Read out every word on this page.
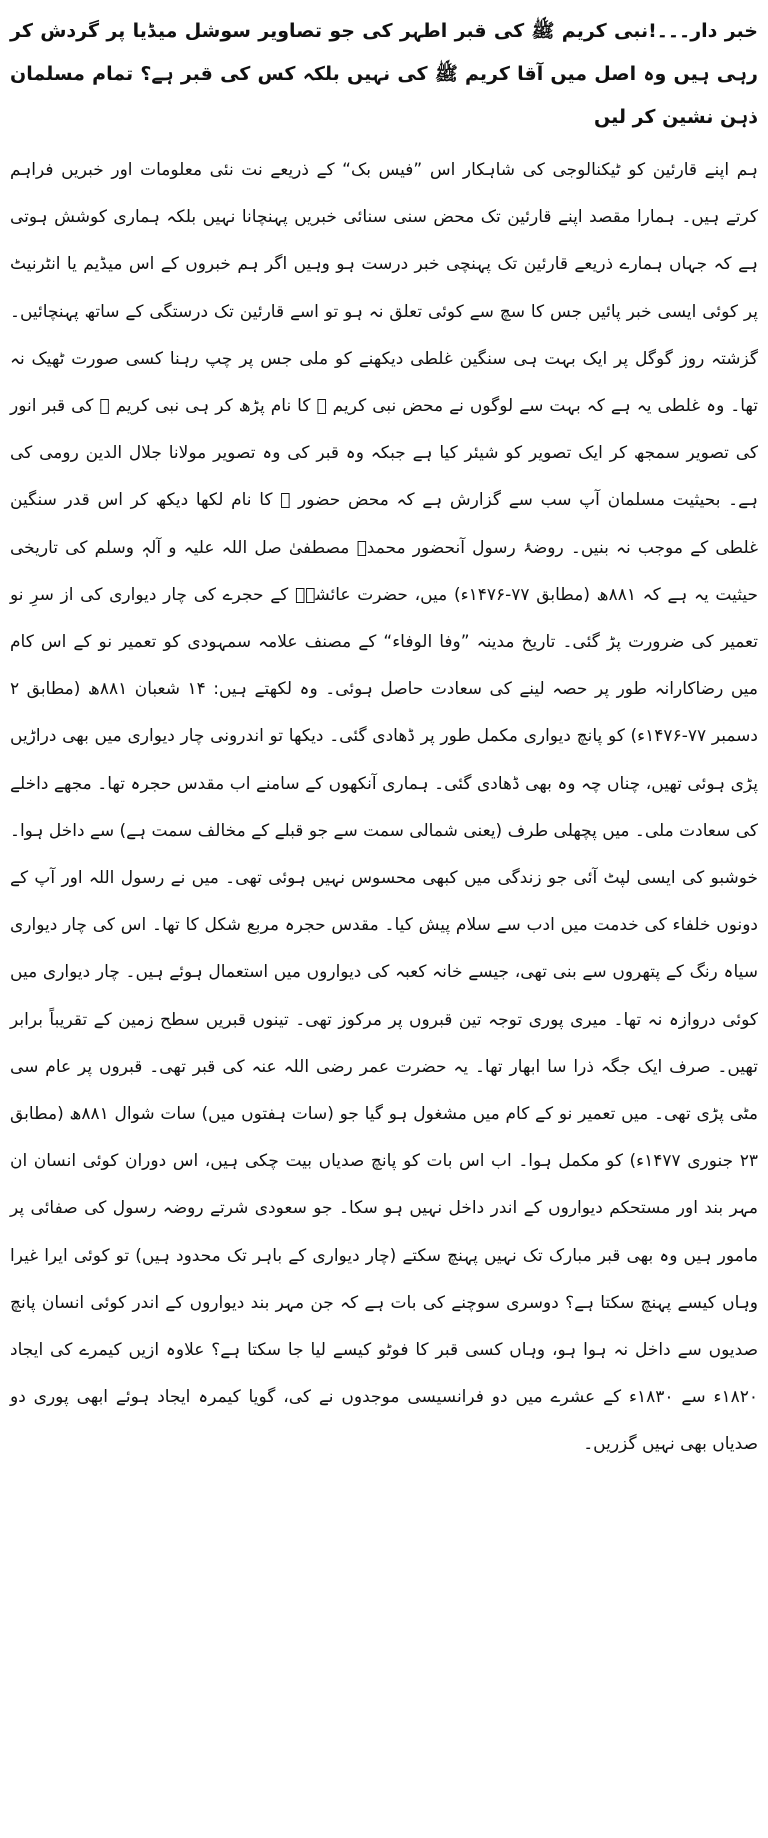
خبر دار۔۔۔!نبی کریم ﷺ کی قبر اطہر کی جو تصاویر سوشل میڈیا پر گردش کر رہی ہیں وہ اصل میں آقا کریم ﷺ کی نہیں بلکہ کس کی قبر ہے؟ تمام مسلمان ذہن نشین کر لیں
ہم اپنے قارئین کو ٹیکنالوجی کی شاہکار اس ”فیس بک“ کے ذریعے نت نئی معلومات اور خبریں فراہم کرتے ہیں۔ ہمارا مقصد اپنے قارئین تک محض سنی سنائی خبریں پہنچانا نہیں بلکہ ہماری کوشش ہوتی ہے کہ جہاں ہمارے ذریعے قارئین تک پہنچی خبر درست ہو وہیں اگر ہم خبروں کے اس میڈیم یا انٹرنیٹ پر کوئی ایسی خبر پائیں جس کا سچ سے کوئی تعلق نہ ہو تو اسے قارئین تک درستگی کے ساتھ پہنچائیں۔ گزشتہ روز گوگل پر ایک بہت ہی سنگین غلطی دیکھنے کو ملی جس پر چپ رہنا کسی صورت ٹھیک نہ تھا۔ وہ غلطی یہ ہے کہ بہت سے لوگوں نے محض نبی کریم ﷺ کا نام پڑھ کر ہی نبی کریم ﷺ کی قبر انور کی تصویر سمجھ کر ایک تصویر کو شیئر کیا ہے جبکہ وہ قبر کی وہ تصویر مولانا جلال الدین رومی کی ہے۔ بحیثیت مسلمان آپ سب سے گزارش ہے کہ محض حضور ﷺ کا نام لکھا دیکھ کر اس قدر سنگین غلطی کے موجب نہ بنیں۔ روضۂ رسول آنحضور محمدؐ مصطفیٰ صل اللہ علیہ و آلہٖ وسلم کی تاریخی حیثیت یہ ہے کہ ۸۸۱ھ (مطابق ۷۷-۱۴۷۶ء) میں، حضرت عائشہؓ کے حجرے کی چار دیواری کی از سرِ نو تعمیر کی ضرورت پڑ گئی۔ تاریخ مدینہ ”وفا الوفاء“ کے مصنف علامہ سمہودی کو تعمیر نو کے اس کام میں رضاکارانہ طور پر حصہ لینے کی سعادت حاصل ہوئی۔ وہ لکھتے ہیں: ۱۴ شعبان ۸۸۱ھ (مطابق ۲ دسمبر ۷۷-۱۴۷۶ء) کو پانچ دیواری مکمل طور پر ڈھادی گئی۔ دیکھا تو اندرونی چار دیواری میں بھی دراڑیں پڑی ہوئی تھیں، چناں چہ وہ بھی ڈھادی گئی۔ ہماری آنکھوں کے سامنے اب مقدس حجرہ تھا۔ مجھے داخلے کی سعادت ملی۔ میں پچھلی طرف (یعنی شمالی سمت سے جو قبلے کے مخالف سمت ہے) سے داخل ہوا۔ خوشبو کی ایسی لپٹ آئی جو زندگی میں کبھی محسوس نہیں ہوئی تھی۔ میں نے رسول اللہ اور آپ کے دونوں خلفاء کی خدمت میں ادب سے سلام پیش کیا۔ مقدس حجرہ مربع شکل کا تھا۔ اس کی چار دیواری سیاہ رنگ کے پتھروں سے بنی تھی، جیسے خانہ کعبہ کی دیواروں میں استعمال ہوئے ہیں۔ چار دیواری میں کوئی دروازہ نہ تھا۔ میری پوری توجہ تین قبروں پر مرکوز تھی۔ تینوں قبریں سطح زمین کے تقریباً برابر تھیں۔ صرف ایک جگہ ذرا سا ابھار تھا۔ یہ حضرت عمر رضی اللہ عنہ کی قبر تھی۔ قبروں پر عام سی مٹی پڑی تھی۔ میں تعمیر نو کے کام میں مشغول ہو گیا جو (سات ہفتوں میں) سات شوال ۸۸۱ھ (مطابق ۲۳ جنوری ۱۴۷۷ء) کو مکمل ہوا۔ اب اس بات کو پانچ صدیاں بیت چکی ہیں، اس دوران کوئی انسان ان مہر بند اور مستحکم دیواروں کے اندر داخل نہیں ہو سکا۔ جو سعودی شرتے روضہ رسول کی صفائی پر مامور ہیں وہ بھی قبر مبارک تک نہیں پہنچ سکتے (چار دیواری کے باہر تک محدود ہیں) تو کوئی ایرا غیرا وہاں کیسے پہنچ سکتا ہے؟ دوسری سوچنے کی بات ہے کہ جن مہر بند دیواروں کے اندر کوئی انسان پانچ صدیوں سے داخل نہ ہوا ہو، وہاں کسی قبر کا فوٹو کیسے لیا جا سکتا ہے؟ علاوہ ازیں کیمرے کی ایجاد ۱۸۲۰ء سے ۱۸۳۰ء کے عشرے میں دو فرانسیسی موجدوں نے کی، گویا کیمرہ ایجاد ہوئے ابھی پوری دو صدیاں بھی نہیں گزریں۔
